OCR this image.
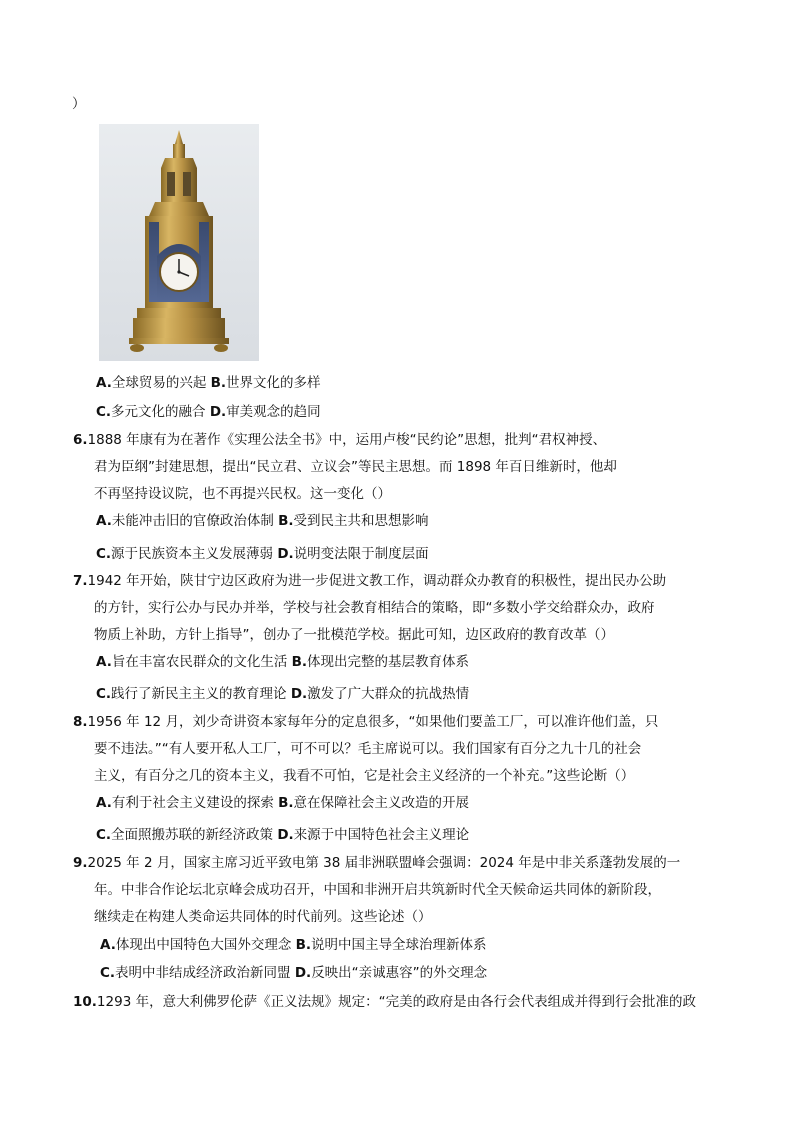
）
A.全球贸易的兴起 B.世界文化的多样
C.多元文化的融合 D.审美观念的趋同
6.1888 年康有为在著作《实理公法全书》中，运用卢梭“民约论”思想，批判“君权神授、
君为臣纲”封建思想，提出“民立君、立议会”等民主思想。而 1898 年百日维新时，他却
不再坚持设议院，也不再提兴民权。这一变化（）
A.未能冲击旧的官僚政治体制 B.受到民主共和思想影响
C.源于民族资本主义发展薄弱 D.说明变法限于制度层面
7.1942 年开始，陕甘宁边区政府为进一步促进文教工作，调动群众办教育的积极性，提出民办公助
的方针，实行公办与民办并举，学校与社会教育相结合的策略，即“多数小学交给群众办，政府
物质上补助，方针上指导”，创办了一批模范学校。据此可知，边区政府的教育改革（）
A.旨在丰富农民群众的文化生活 B.体现出完整的基层教育体系
C.践行了新民主主义的教育理论 D.激发了广大群众的抗战热情
8.1956 年 12 月，刘少奇讲资本家每年分的定息很多，“如果他们要盖工厂，可以准许他们盖，只
要不违法。”“有人要开私人工厂，可不可以？毛主席说可以。我们国家有百分之九十几的社会
主义，有百分之几的资本主义，我看不可怕，它是社会主义经济的一个补充。”这些论断（）
A.有利于社会主义建设的探索 B.意在保障社会主义改造的开展
C.全面照搬苏联的新经济政策 D.来源于中国特色社会主义理论
9.2025 年 2 月，国家主席习近平致电第 38 届非洲联盟峰会强调：2024 年是中非关系蓬勃发展的一
年。中非合作论坛北京峰会成功召开，中国和非洲开启共筑新时代全天候命运共同体的新阶段，
继续走在构建人类命运共同体的时代前列。这些论述（）
A.体现出中国特色大国外交理念 B.说明中国主导全球治理新体系
C.表明中非结成经济政治新同盟 D.反映出“亲诚惠容”的外交理念
10.1293 年，意大利佛罗伦萨《正义法规》规定：“完美的政府是由各行会代表组成并得到行会批准的政
